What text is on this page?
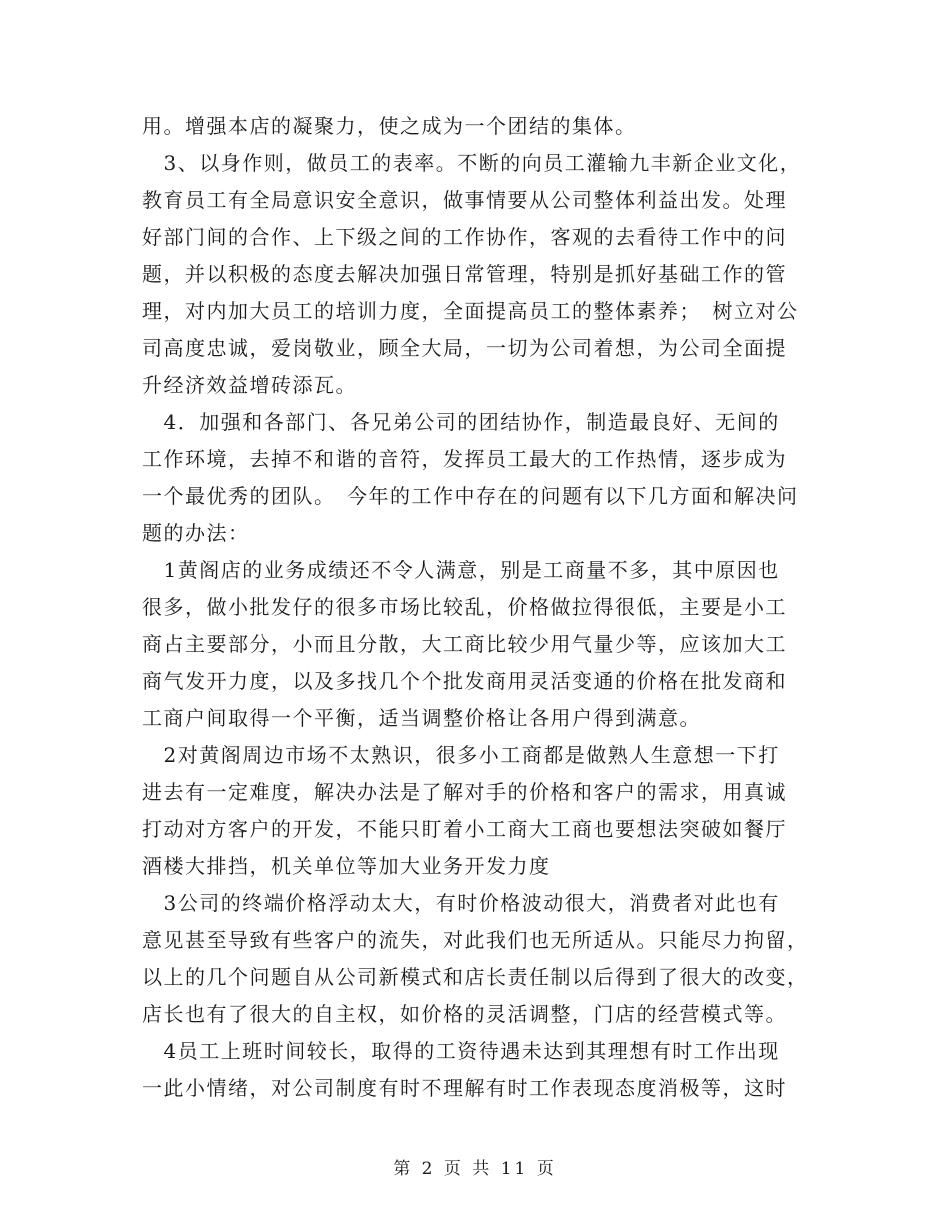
用。增强本店的凝聚力，使之成为一个团结的集体。
　3、以身作则，做员工的表率。不断的向员工灌输九丰新企业文化，
教育员工有全局意识安全意识，做事情要从公司整体利益出发。处理
好部门间的合作、上下级之间的工作协作，客观的去看待工作中的问
题，并以积极的态度去解决加强日常管理，特别是抓好基础工作的管
理，对内加大员工的培训力度，全面提高员工的整体素养；　树立对公
司高度忠诚，爱岗敬业，顾全大局，一切为公司着想，为公司全面提
升经济效益增砖添瓦。
　4．加强和各部门、各兄弟公司的团结协作，制造最良好、无间的
工作环境，去掉不和谐的音符，发挥员工最大的工作热情，逐步成为
一个最优秀的团队。　今年的工作中存在的问题有以下几方面和解决问
题的办法：
　1黄阁店的业务成绩还不令人满意，别是工商量不多，其中原因也
很多，做小批发仔的很多市场比较乱，价格做拉得很低，主要是小工
商占主要部分，小而且分散，大工商比较少用气量少等，应该加大工
商气发开力度，以及多找几个个批发商用灵活变通的价格在批发商和
工商户间取得一个平衡，适当调整价格让各用户得到满意。
　2对黄阁周边市场不太熟识，很多小工商都是做熟人生意想一下打
进去有一定难度，解决办法是了解对手的价格和客户的需求，用真诚
打动对方客户的开发，不能只盯着小工商大工商也要想法突破如餐厅
酒楼大排挡，机关单位等加大业务开发力度
　3公司的终端价格浮动太大，有时价格波动很大，消费者对此也有
意见甚至导致有些客户的流失，对此我们也无所适从。只能尽力拘留，
以上的几个问题自从公司新模式和店长责任制以后得到了很大的改变，
店长也有了很大的自主权，如价格的灵活调整，门店的经营模式等。
　4员工上班时间较长，取得的工资待遇未达到其理想有时工作出现
一此小情绪，对公司制度有时不理解有时工作表现态度消极等，这时
第 2 页 共 11 页
